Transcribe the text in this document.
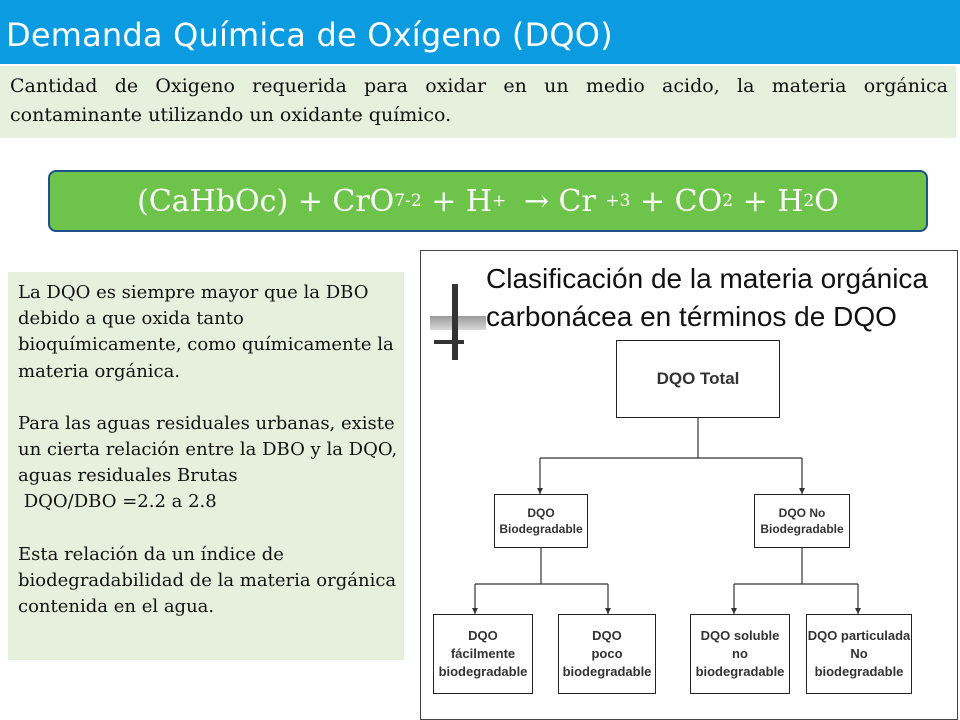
Demanda Química de Oxígeno (DQO)
Cantidad de Oxigeno requerida para oxidar en un medio acido, la materia orgánica contaminante utilizando un oxidante químico.
(CaHbOc) + CrO 7 -2 + H + → Cr +3 + CO 2 + H 2 O

La DQO es siempre mayor que la DBO debido a que oxida tanto bioquímicamente, como químicamente la materia orgánica.

Para las aguas residuales urbanas, existe un cierta relación entre la DBO y la DQO, aguas residuales Brutas

DQO/DBO =2.2 a 2.8

Esta relación da un índice de biodegradabilidad de la materia orgánica contenida en el agua.

Clasificación de la materia orgánica
carbonácea en términos de DQO
DQO Total
DQO
Biodegradable
DQO No
Biodegradable
DQO
fácilmente
biodegradable
DQO
poco
biodegradable
DQO soluble
no
biodegradable
DQO particulada
No
biodegradable
